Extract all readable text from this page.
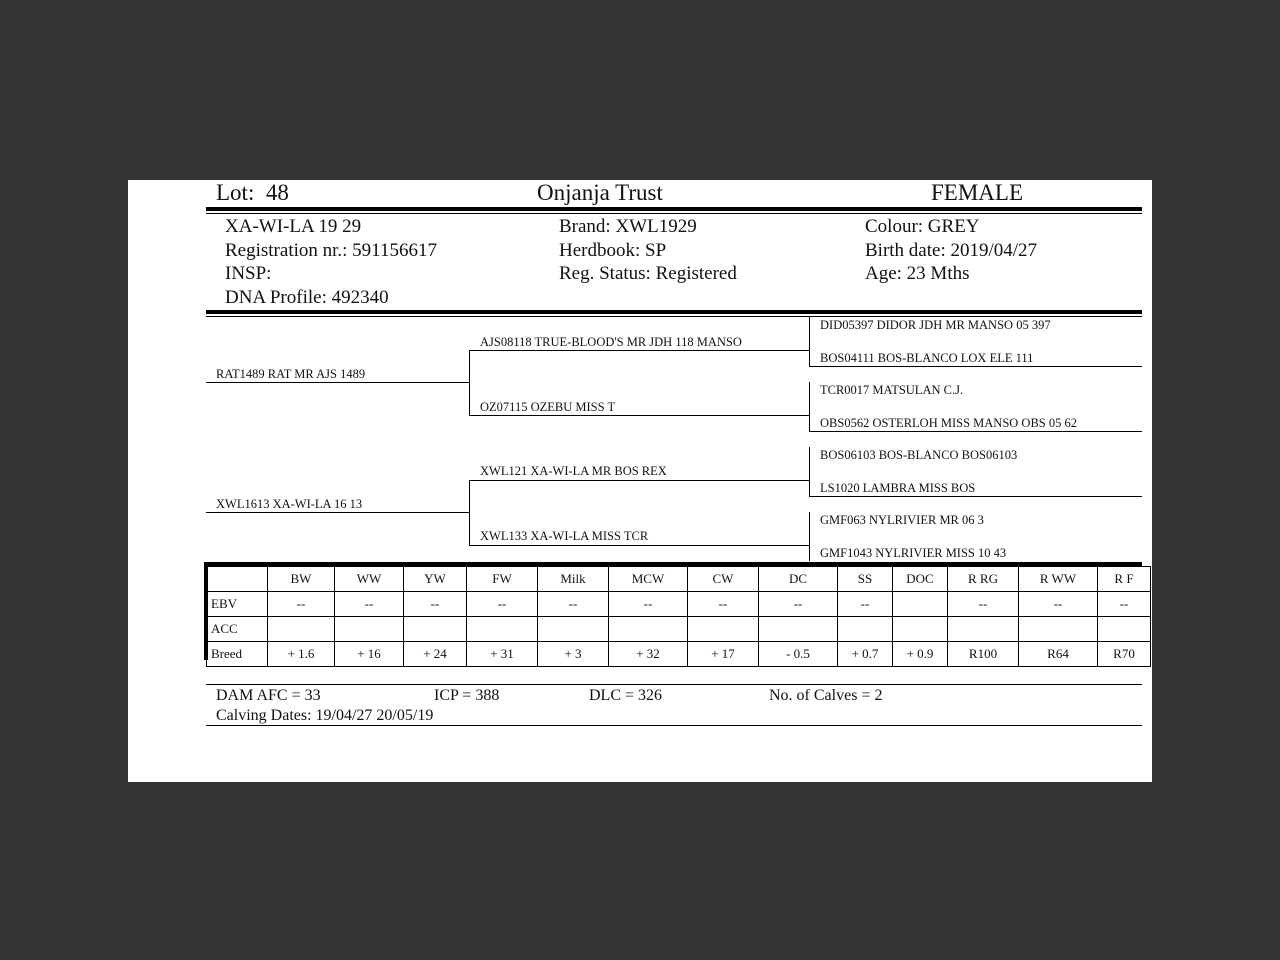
Lot: 48	Onjanja Trust	FEMALE
XA-WI-LA 19 29
Registration nr.: 591156617
INSP:
DNA Profile: 492340
Brand: XWL1929
Herdbook: SP
Reg. Status: Registered
Colour: GREY
Birth date: 2019/04/27
Age: 23 Mths
RAT1489 RAT MR AJS 1489
XWL1613 XA-WI-LA 16 13
AJS08118 TRUE-BLOOD'S MR JDH 118 MANSO
OZ07115 OZEBU MISS T
XWL121 XA-WI-LA MR BOS REX
XWL133 XA-WI-LA MISS TCR
DID05397 DIDOR JDH MR MANSO 05 397
BOS04111 BOS-BLANCO LOX ELE 111
TCR0017 MATSULAN C.J.
OBS0562 OSTERLOH MISS MANSO OBS 05 62
BOS06103 BOS-BLANCO BOS06103
LS1020 LAMBRA MISS BOS
GMF063 NYLRIVIER MR 06 3
GMF1043 NYLRIVIER MISS 10 43
	BW	WW	YW	FW	Milk	MCW	CW	DC	SS	DOC	R RG	R WW	R F
EBV	--	--	--	--	--	--	--	--	--		--	--	--
ACC													
Breed	+ 1.6	+ 16	+ 24	+ 31	+ 3	+ 32	+ 17	- 0.5	+ 0.7	+ 0.9	R100	R64	R70
DAM AFC = 33	ICP = 388	DLC = 326	No. of Calves = 2
Calving Dates: 19/04/27 20/05/19
